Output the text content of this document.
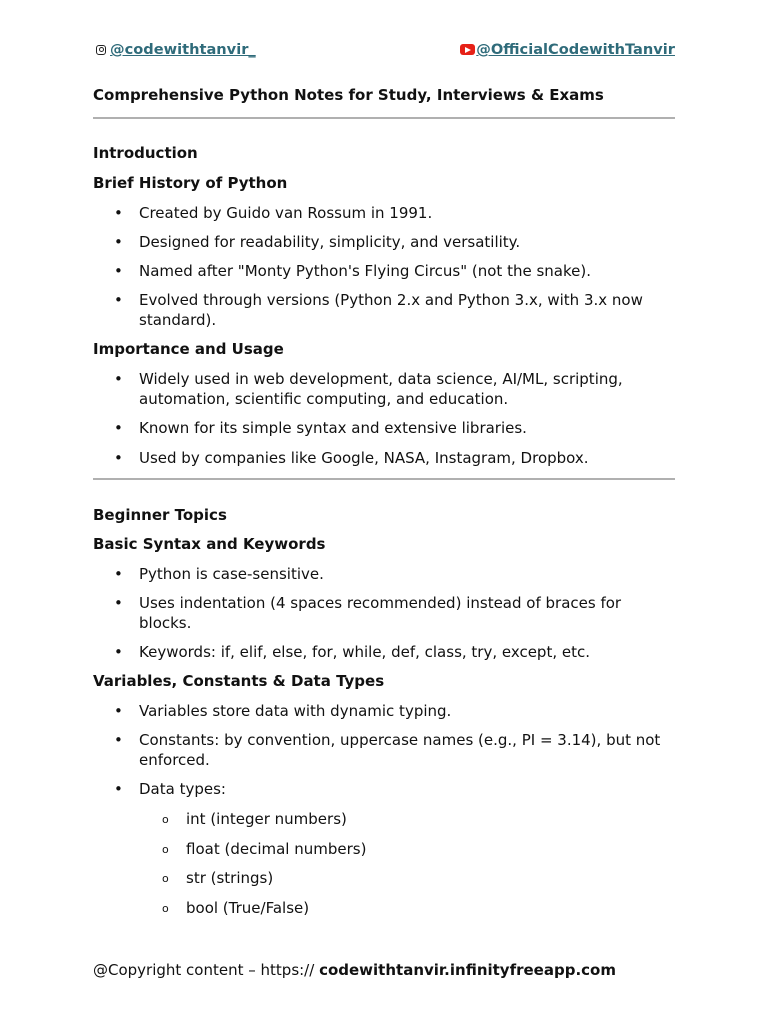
@codewithtanvir_	@OfficialCodewithTanvir
Comprehensive Python Notes for Study, Interviews & Exams
Introduction
Brief History of Python
• Created by Guido van Rossum in 1991.
• Designed for readability, simplicity, and versatility.
• Named after "Monty Python's Flying Circus" (not the snake).
• Evolved through versions (Python 2.x and Python 3.x, with 3.x now standard).
Importance and Usage
• Widely used in web development, data science, AI/ML, scripting, automation, scientific computing, and education.
• Known for its simple syntax and extensive libraries.
• Used by companies like Google, NASA, Instagram, Dropbox.
Beginner Topics
Basic Syntax and Keywords
• Python is case-sensitive.
• Uses indentation (4 spaces recommended) instead of braces for blocks.
• Keywords: if, elif, else, for, while, def, class, try, except, etc.
Variables, Constants & Data Types
• Variables store data with dynamic typing.
• Constants: by convention, uppercase names (e.g., PI = 3.14), but not enforced.
• Data types:
o int (integer numbers)
o float (decimal numbers)
o str (strings)
o bool (True/False)
@Copyright content – https:// codewithtanvir.infinityfreeapp.com
